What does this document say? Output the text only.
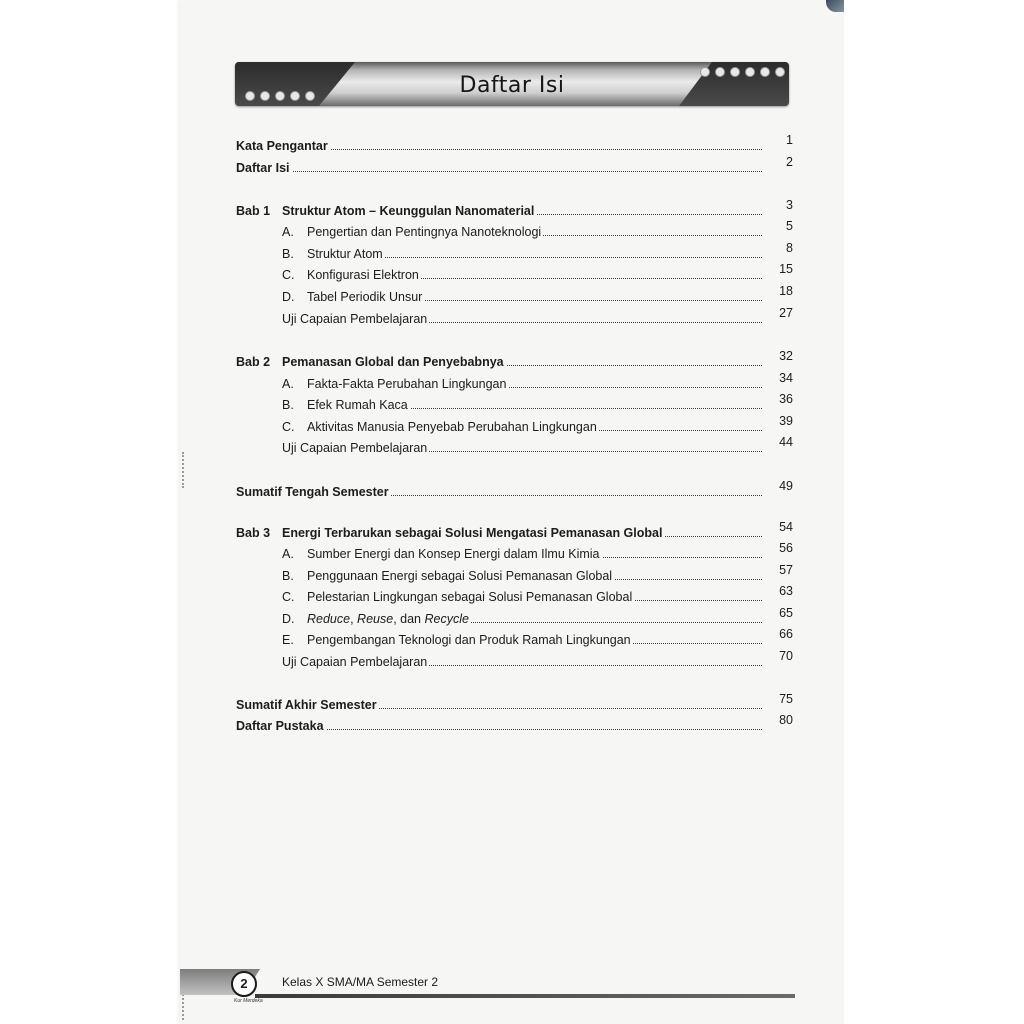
Daftar Isi
Kata Pengantar	1
Daftar Isi	2
Bab 1 Struktur Atom – Keunggulan Nanomaterial	3
A. Pengertian dan Pentingnya Nanoteknologi	5
B. Struktur Atom	8
C. Konfigurasi Elektron	15
D. Tabel Periodik Unsur	18
Uji Capaian Pembelajaran	27
Bab 2 Pemanasan Global dan Penyebabnya	32
A. Fakta-Fakta Perubahan Lingkungan	34
B. Efek Rumah Kaca	36
C. Aktivitas Manusia Penyebab Perubahan Lingkungan	39
Uji Capaian Pembelajaran	44
Sumatif Tengah Semester	49
Bab 3 Energi Terbarukan sebagai Solusi Mengatasi Pemanasan Global	54
A. Sumber Energi dan Konsep Energi dalam Ilmu Kimia	56
B. Penggunaan Energi sebagai Solusi Pemanasan Global	57
C. Pelestarian Lingkungan sebagai Solusi Pemanasan Global	63
D. Reduce, Reuse, dan Recycle	65
E. Pengembangan Teknologi dan Produk Ramah Lingkungan	66
Uji Capaian Pembelajaran	70
Sumatif Akhir Semester	75
Daftar Pustaka	80
2	Kelas X SMA/MA Semester 2
Kur Merdeka
